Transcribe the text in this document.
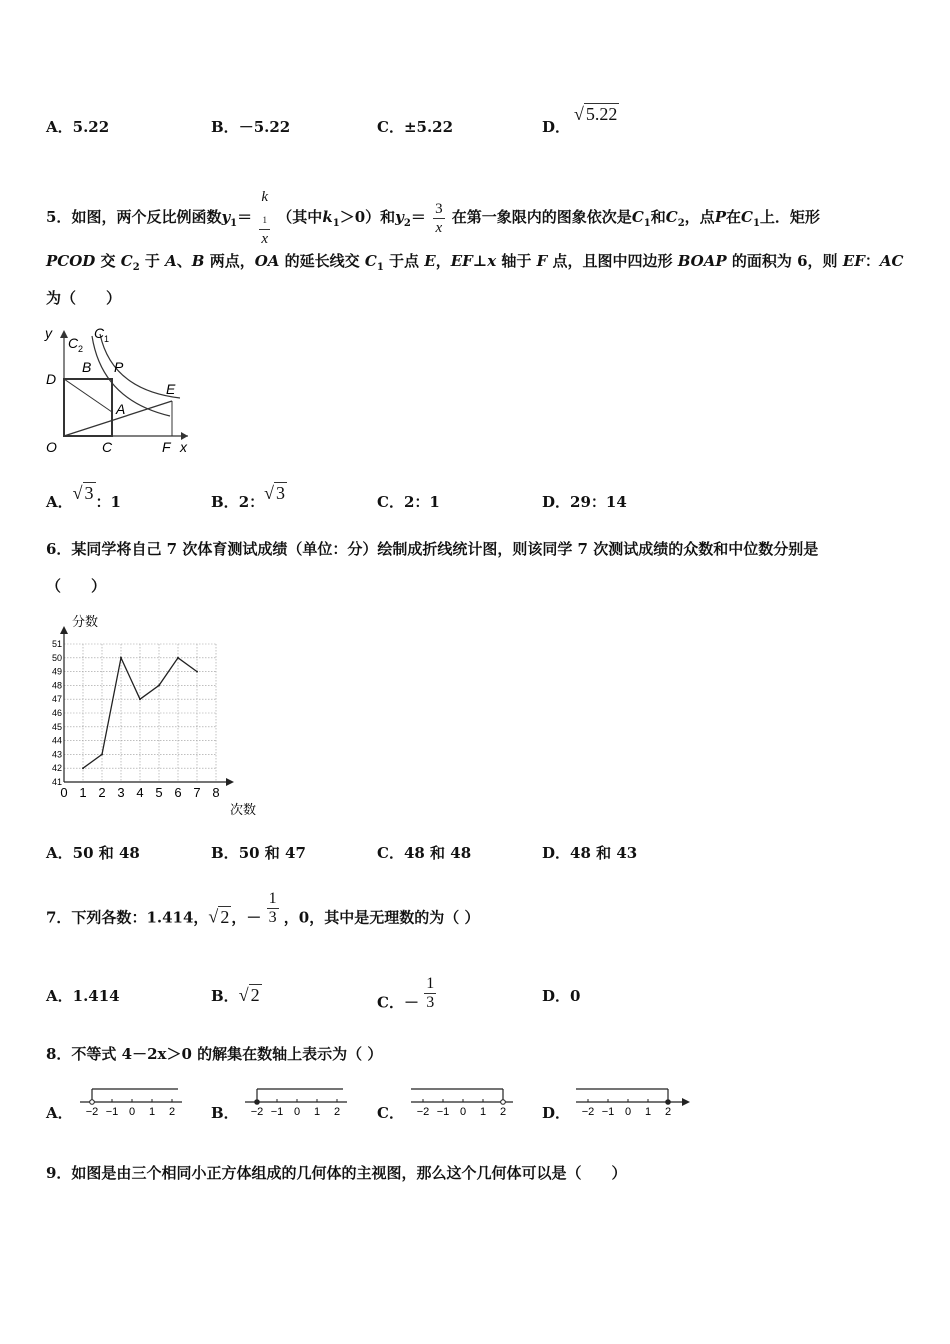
A．5.22	B．－5.22	C．±5.22	D．
√ 5.22
5．如图，两个反比例函数$y_1= k$
$_1$
x （其中$k_1>0$）和$y_2= \frac{3}{x}$ 在第一象限内的图象依次是$C_1$和$C_2$，点P在$C_1$上．矩形
PCOD 交 $C_2$ 于 A、B 两点，OA 的延长线交 $C_1$ 于点 E，EF⊥x 轴于 F 点，且图中四边形 BOAP 的面积为 6，则 EF：AC
为（　　）
y
C 2
C 1
B P
D
E
A
O	C	F x
A．√ 3 ：1	B．2：√ 3	C．2：1	D．29：14
6．某同学将自己 7 次体育测试成绩（单位：分）绘制成折线统计图，则该同学 7 次测试成绩的众数和中位数分别是
（　　）
41
42
43
44
45
46
47
48
49
50
51
0 1 2 3 4 5 6 7 8
分数
次数
A．50 和 48	B．50 和 47	C．48 和 48	D．48 和 43
7．下列各数：1.414，√ 2 ，－ $\frac{1}{3}$ ，0，其中是无理数的为（ ）
A．1.414	B．√ 2	C．－ $\frac{1}{3}$	D．0
8．不等式 4－2x＞0 的解集在数轴上表示为（ ）
A． −2 −1 0 1 2 B． −2 −1 0 1 2 C． −2 −1 0 1 2 D． −2 −1 0 1 2
9．如图是由三个相同小正方体组成的几何体的主视图，那么这个几何体可以是（　　）
